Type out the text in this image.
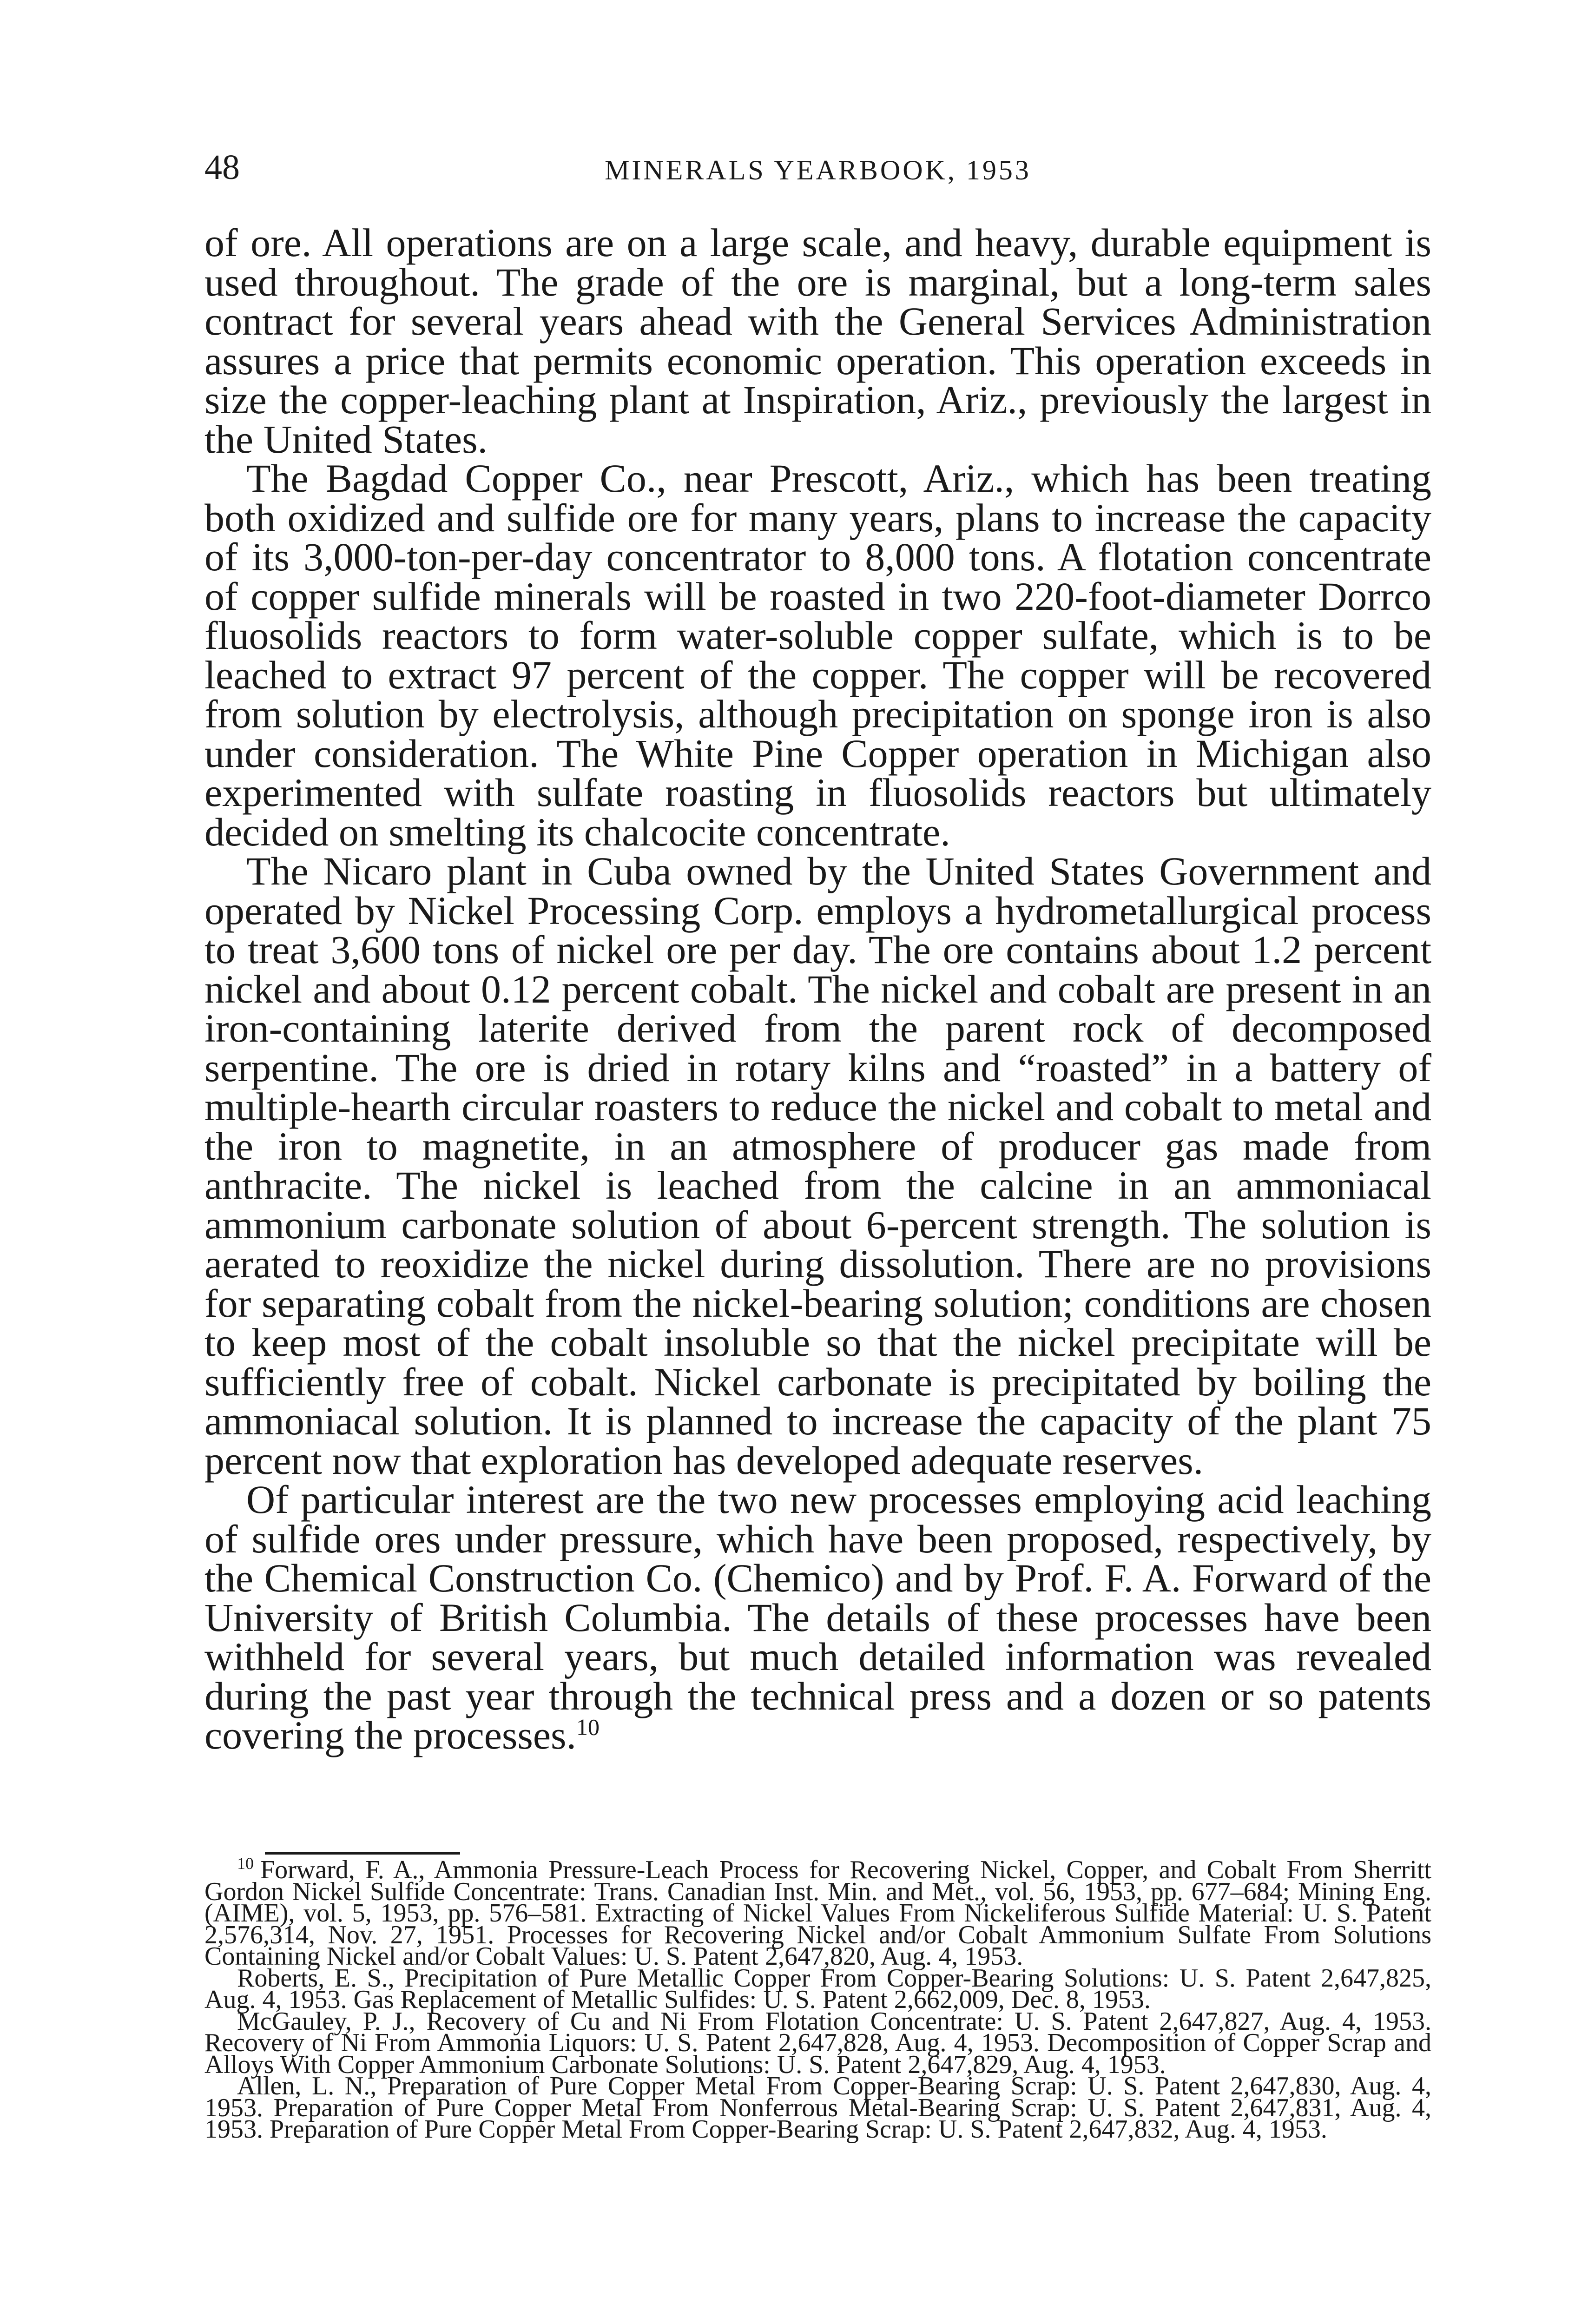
48	MINERALS YEARBOOK, 1953

of ore. All operations are on a large scale, and heavy, durable equipment is used throughout. The grade of the ore is marginal, but a long-term sales contract for several years ahead with the General Services Administration assures a price that permits economic operation. This operation exceeds in size the copper-leaching plant at Inspiration, Ariz., previously the largest in the United States.

The Bagdad Copper Co., near Prescott, Ariz., which has been treating both oxidized and sulfide ore for many years, plans to increase the capacity of its 3,000-ton-per-day concentrator to 8,000 tons. A flotation concentrate of copper sulfide minerals will be roasted in two 220-foot-diameter Dorrco fluosolids reactors to form water-soluble copper sulfate, which is to be leached to extract 97 percent of the copper. The copper will be recovered from solution by electrolysis, although precipitation on sponge iron is also under consideration. The White Pine Copper operation in Michigan also experimented with sulfate roasting in fluosolids reactors but ultimately decided on smelting its chalcocite concentrate.

The Nicaro plant in Cuba owned by the United States Government and operated by Nickel Processing Corp. employs a hydrometallurgical process to treat 3,600 tons of nickel ore per day. The ore contains about 1.2 percent nickel and about 0.12 percent cobalt. The nickel and cobalt are present in an iron-containing laterite derived from the parent rock of decomposed serpentine. The ore is dried in rotary kilns and “roasted” in a battery of multiple-hearth circular roasters to reduce the nickel and cobalt to metal and the iron to magnetite, in an atmosphere of producer gas made from anthracite. The nickel is leached from the calcine in an ammoniacal ammonium carbonate solution of about 6-percent strength. The solution is aerated to reoxidize the nickel during dissolution. There are no provisions for separating cobalt from the nickel-bearing solution; conditions are chosen to keep most of the cobalt insoluble so that the nickel precipitate will be sufficiently free of cobalt. Nickel carbonate is precipitated by boiling the ammoniacal solution. It is planned to increase the capacity of the plant 75 percent now that exploration has developed adequate reserves.

Of particular interest are the two new processes employing acid leaching of sulfide ores under pressure, which have been proposed, respectively, by the Chemical Construction Co. (Chemico) and by Prof. F. A. Forward of the University of British Columbia. The details of these processes have been withheld for several years, but much detailed information was revealed during the past year through the technical press and a dozen or so patents covering the processes.$^{10}$

$^{10}$ Forward, F. A., Ammonia Pressure-Leach Process for Recovering Nickel, Copper, and Cobalt From Sherritt Gordon Nickel Sulfide Concentrate: Trans. Canadian Inst. Min. and Met., vol. 56, 1953, pp. 677–684; Mining Eng. (AIME), vol. 5, 1953, pp. 576–581. Extracting of Nickel Values From Nickeliferous Sulfide Material: U. S. Patent 2,576,314, Nov. 27, 1951. Processes for Recovering Nickel and/or Cobalt Ammonium Sulfate From Solutions Containing Nickel and/or Cobalt Values: U. S. Patent 2,647,820, Aug. 4, 1953.

Roberts, E. S., Precipitation of Pure Metallic Copper From Copper-Bearing Solutions: U. S. Patent 2,647,825, Aug. 4, 1953. Gas Replacement of Metallic Sulfides: U. S. Patent 2,662,009, Dec. 8, 1953.

McGauley, P. J., Recovery of Cu and Ni From Flotation Concentrate: U. S. Patent 2,647,827, Aug. 4, 1953. Recovery of Ni From Ammonia Liquors: U. S. Patent 2,647,828, Aug. 4, 1953. Decomposition of Copper Scrap and Alloys With Copper Ammonium Carbonate Solutions: U. S. Patent 2,647,829, Aug. 4, 1953.

Allen, L. N., Preparation of Pure Copper Metal From Copper-Bearing Scrap: U. S. Patent 2,647,830, Aug. 4, 1953. Preparation of Pure Copper Metal From Nonferrous Metal-Bearing Scrap: U. S. Patent 2,647,831, Aug. 4, 1953. Preparation of Pure Copper Metal From Copper-Bearing Scrap: U. S. Patent 2,647,832, Aug. 4, 1953.
